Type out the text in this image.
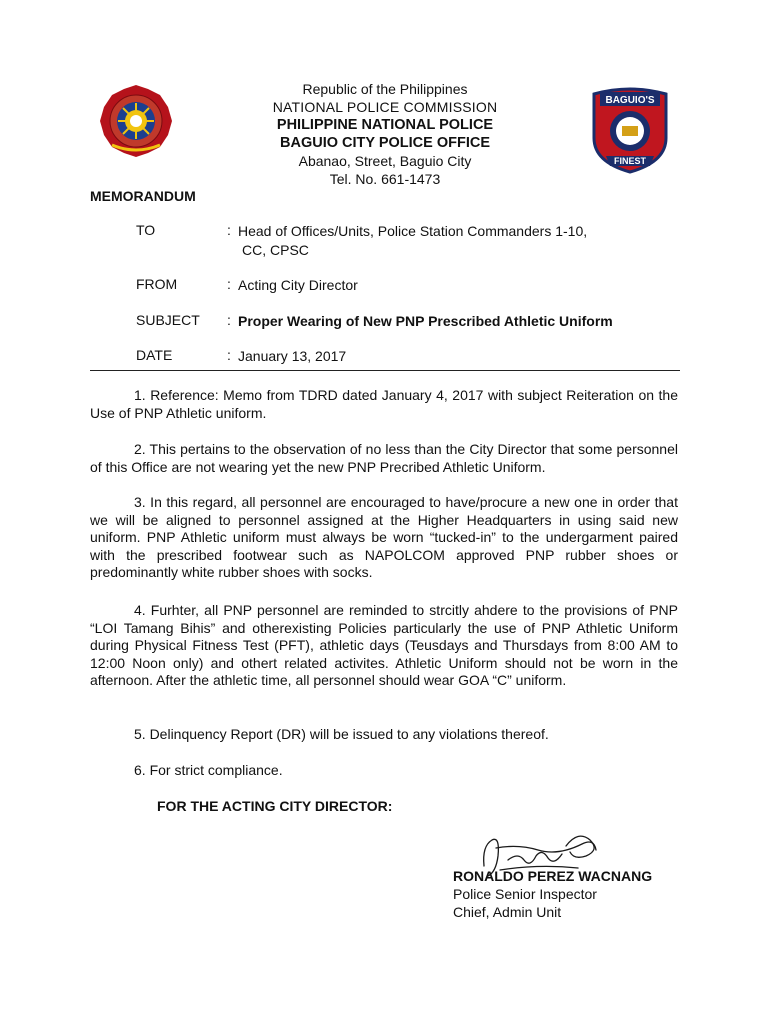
BAGUIO'S
FINEST
Republic of the Philippines
NATIONAL POLICE COMMISSION
PHILIPPINE NATIONAL POLICE
BAGUIO CITY POLICE OFFICE
Abanao, Street, Baguio City
Tel. No. 661-1473
MEMORANDUM
TO	: Head of Offices/Units, Police Station Commanders 1-10,
CC, CPSC
FROM	: Acting City Director
SUBJECT : Proper Wearing of New PNP Prescribed Athletic Uniform
DATE	: January 13, 2017
1. Reference: Memo from TDRD dated January 4, 2017 with subject Reiteration on the Use of PNP Athletic uniform.
2. This pertains to the observation of no less than the City Director that some personnel of this Office are not wearing yet the new PNP Precribed Athletic Uniform.
3. In this regard, all personnel are encouraged to have/procure a new one in order that we will be aligned to personnel assigned at the Higher Headquarters in using said new uniform. PNP Athletic uniform must always be worn “tucked-in” to the undergarment paired with the prescribed footwear such as NAPOLCOM approved PNP rubber shoes or predominantly white rubber shoes with socks.
4. Furhter, all PNP personnel are reminded to strcitly ahdere to the provisions of PNP “LOI Tamang Bihis” and otherexisting Policies particularly the use of PNP Athletic Uniform during Physical Fitness Test (PFT), athletic days (Teusdays and Thursdays from 8:00 AM to 12:00 Noon only) and othert related activites. Athletic Uniform should not be worn in the afternoon. After the athletic time, all personnel should wear GOA “C” uniform.
5. Delinquency Report (DR) will be issued to any violations thereof.
6. For strict compliance.
FOR THE ACTING CITY DIRECTOR:
RONALDO PEREZ WACNANG
Police Senior Inspector
Chief, Admin Unit
